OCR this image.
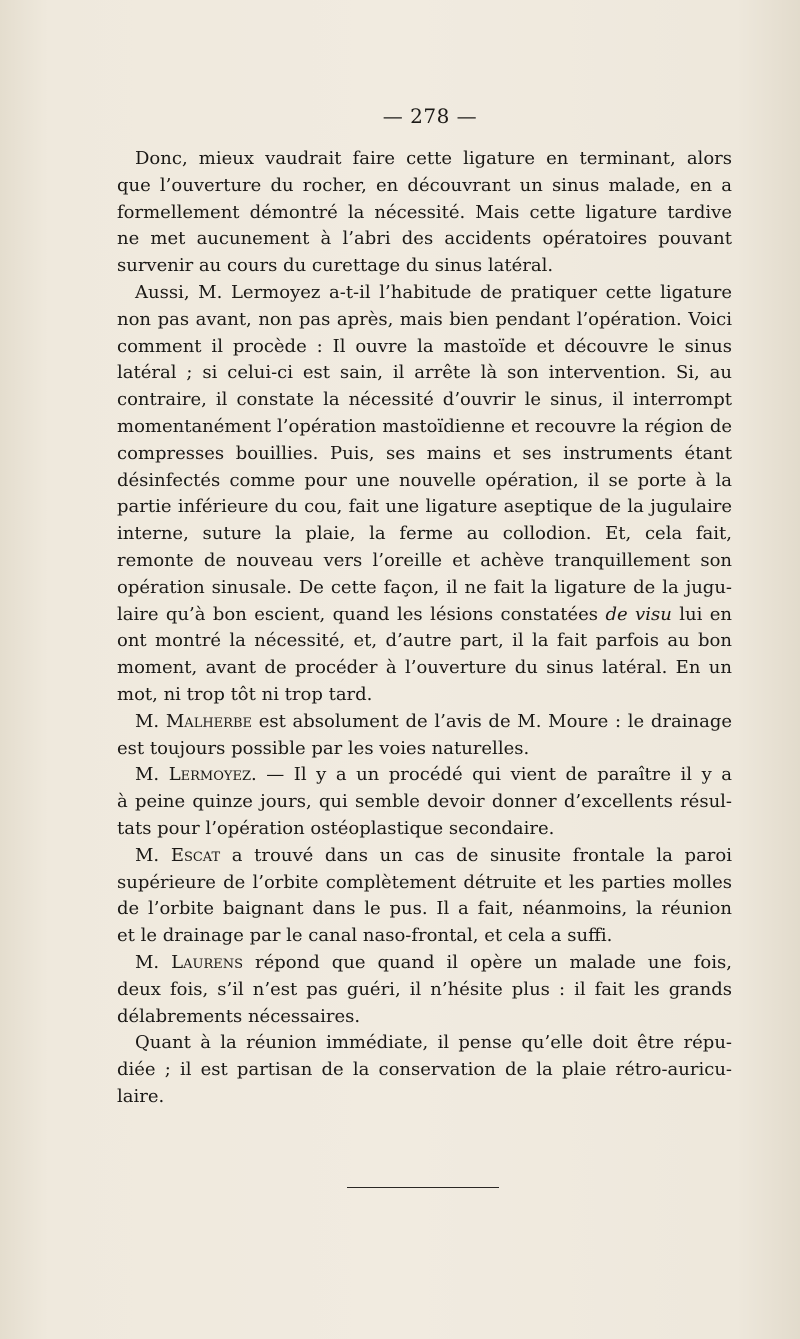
— 278 —

Donc, mieux vaudrait faire cette ligature en terminant, alors

que l’ouverture du rocher, en découvrant un sinus malade, en a

formellement démontré la nécessité. Mais cette ligature tardive

ne met aucunement à l’abri des accidents opératoires pouvant

survenir au cours du curettage du sinus latéral.

Aussi, M. Lermoyez a-t-il l’habitude de pratiquer cette ligature

non pas avant, non pas après, mais bien pendant l’opération. Voici

comment il procède : Il ouvre la mastoïde et découvre le sinus

latéral ; si celui-ci est sain, il arrête là son intervention. Si, au

contraire, il constate la nécessité d’ouvrir le sinus, il interrompt

momentanément l’opération mastoïdienne et recouvre la région de

compresses bouillies. Puis, ses mains et ses instruments étant

désinfectés comme pour une nouvelle opération, il se porte à la

partie inférieure du cou, fait une ligature aseptique de la jugulaire

interne, suture la plaie, la ferme au collodion. Et, cela fait,

remonte de nouveau vers l’oreille et achève tranquillement son

opération sinusale. De cette façon, il ne fait la ligature de la jugu-

laire qu’à bon escient, quand les lésions constatées de visu lui en

ont montré la nécessité, et, d’autre part, il la fait parfois au bon

moment, avant de procéder à l’ouverture du sinus latéral. En un

mot, ni trop tôt ni trop tard.

M. Malherbe est absolument de l’avis de M. Moure : le drainage

est toujours possible par les voies naturelles.

M. Lermoyez. — Il y a un procédé qui vient de paraître il y a

à peine quinze jours, qui semble devoir donner d’excellents résul-

tats pour l’opération ostéoplastique secondaire.

M. Escat a trouvé dans un cas de sinusite frontale la paroi

supérieure de l’orbite complètement détruite et les parties molles

de l’orbite baignant dans le pus. Il a fait, néanmoins, la réunion

et le drainage par le canal naso-frontal, et cela a suffi.

M. Laurens répond que quand il opère un malade une fois,

deux fois, s’il n’est pas guéri, il n’hésite plus : il fait les grands

délabrements nécessaires.

Quant à la réunion immédiate, il pense qu’elle doit être répu-

diée ; il est partisan de la conservation de la plaie rétro-auricu-

laire.
